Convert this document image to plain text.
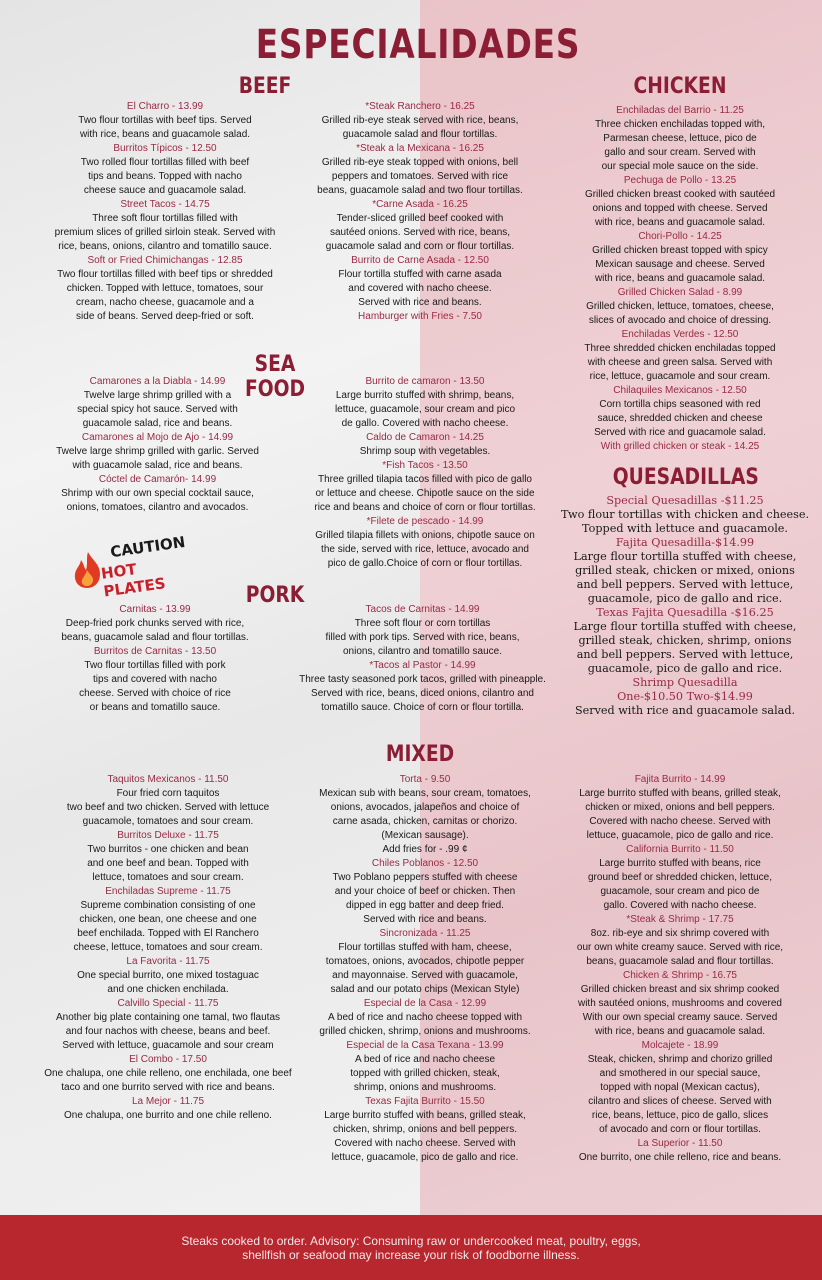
ESPECIALIDADES
BEEF	CHICKEN
SEA FOOD
QUESADILLAS
PORK
MIXED
El Charro - 13.99
Two flour tortillas with beef tips. Served
with rice, beans and guacamole salad.
Burritos Típicos - 12.50
Two rolled flour tortillas filled with beef
tips and beans. Topped with nacho
cheese sauce and guacamole salad.
Street Tacos - 14.75
Three soft flour tortillas filled with
premium slices of grilled sirloin steak. Served with
rice, beans, onions, cilantro and tomatillo sauce.
Soft or Fried Chimichangas - 12.85
Two flour tortillas filled with beef tips or shredded
chicken. Topped with lettuce, tomatoes, sour
cream, nacho cheese, guacamole and a
side of beans. Served deep-fried or soft.
*Steak Ranchero - 16.25
Grilled rib-eye steak served with rice, beans,
guacamole salad and flour tortillas.
*Steak a la Mexicana - 16.25
Grilled rib-eye steak topped with onions, bell
peppers and tomatoes. Served with rice
beans, guacamole salad and two flour tortillas.
*Carne Asada - 16.25
Tender-sliced grilled beef cooked with
sautéed onions. Served with rice, beans,
guacamole salad and corn or flour tortillas.
Burrito de Carne Asada - 12.50
Flour tortilla stuffed with carne asada
and covered with nacho cheese.
Served with rice and beans.
Hamburger with Fries - 7.50
Enchiladas del Barrio - 11.25
Three chicken enchiladas topped with,
Parmesan cheese, lettuce, pico de
gallo and sour cream. Served with
our special mole sauce on the side.
Pechuga de Pollo - 13.25
Grilled chicken breast cooked with sautéed
onions and topped with cheese. Served
with rice, beans and guacamole salad.
Chori-Pollo - 14.25
Grilled chicken breast topped with spicy
Mexican sausage and cheese. Served
with rice, beans and guacamole salad.
Grilled Chicken Salad - 8.99
Grilled chicken, lettuce, tomatoes, cheese,
slices of avocado and choice of dressing.
Enchiladas Verdes - 12.50
Three shredded chicken enchiladas topped
with cheese and green salsa. Served with
rice, lettuce, guacamole and sour cream.
Chilaquiles Mexicanos - 12.50
Corn tortilla chips seasoned with red
sauce, shredded chicken and cheese
Served with rice and guacamole salad.
With grilled chicken or steak - 14.25
Camarones a la Diabla - 14.99
Twelve large shrimp grilled with a
special spicy hot sauce. Served with
guacamole salad, rice and beans.
Camarones al Mojo de Ajo - 14.99
Twelve large shrimp grilled with garlic. Served
with guacamole salad, rice and beans.
Cóctel de Camarón- 14.99
Shrimp with our own special cocktail sauce,
onions, tomatoes, cilantro and avocados.
Burrito de camaron - 13.50
Large burrito stuffed with shrimp, beans,
lettuce, guacamole, sour cream and pico
de gallo. Covered with nacho cheese.
Caldo de Camaron - 14.25
Shrimp soup with vegetables.
*Fish Tacos - 13.50
Three grilled tilapia tacos filled with pico de gallo
or lettuce and cheese. Chipotle sauce on the side
rice and beans and choice of corn or flour tortillas.
*Filete de pescado - 14.99
Grilled tilapia fillets with onions, chipotle sauce on
the side, served with rice, lettuce, avocado and
pico de gallo.Choice of corn or flour tortillas.
Special Quesadillas -$11.25
Two flour tortillas with chicken and cheese.
Topped with lettuce and guacamole.
Fajita Quesadilla-$14.99
Large flour tortilla stuffed with cheese,
grilled steak, chicken or mixed, onions
and bell peppers. Served with lettuce,
guacamole, pico de gallo and rice.
Texas Fajita Quesadilla -$16.25
Large flour tortilla stuffed with cheese,
grilled steak, chicken, shrimp, onions
and bell peppers. Served with lettuce,
guacamole, pico de gallo and rice.
Shrimp Quesadilla
One-$10.50 Two-$14.99
Served with rice and guacamole salad.
Carnitas - 13.99
Deep-fried pork chunks served with rice,
beans, guacamole salad and flour tortillas.
Burritos de Carnitas - 13.50
Two flour tortillas filled with pork
tips and covered with nacho
cheese. Served with choice of rice
or beans and tomatillo sauce.
Tacos de Carnitas - 14.99
Three soft flour or corn tortillas
filled with pork tips. Served with rice, beans,
onions, cilantro and tomatillo sauce.
*Tacos al Pastor - 14.99
Three tasty seasoned pork tacos, grilled with pineapple.
Served with rice, beans, diced onions, cilantro and
tomatillo sauce. Choice of corn or flour tortilla.
Taquitos Mexicanos - 11.50
Four fried corn taquitos
two beef and two chicken. Served with lettuce
guacamole, tomatoes and sour cream.
Burritos Deluxe - 11.75
Two burritos - one chicken and bean
and one beef and bean. Topped with
lettuce, tomatoes and sour cream.
Enchiladas Supreme - 11.75
Supreme combination consisting of one
chicken, one bean, one cheese and one
beef enchilada. Topped with El Ranchero
cheese, lettuce, tomatoes and sour cream.
La Favorita - 11.75
One special burrito, one mixed tostaguac
and one chicken enchilada.
Calvillo Special - 11.75
Another big plate containing one tamal, two flautas
and four nachos with cheese, beans and beef.
Served with lettuce, guacamole and sour cream
El Combo - 17.50
One chalupa, one chile relleno, one enchilada, one beef
taco and one burrito served with rice and beans.
La Mejor - 11.75
One chalupa, one burrito and one chile relleno.
Torta - 9.50
Mexican sub with beans, sour cream, tomatoes,
onions, avocados, jalapeños and choice of
carne asada, chicken, carnitas or chorizo.
(Mexican sausage).
Add fries for - .99 ¢
Chiles Poblanos - 12.50
Two Poblano peppers stuffed with cheese
and your choice of beef or chicken. Then
dipped in egg batter and deep fried.
Served with rice and beans.
Sincronizada - 11.25
Flour tortillas stuffed with ham, cheese,
tomatoes, onions, avocados, chipotle pepper
and mayonnaise. Served with guacamole,
salad and our potato chips (Mexican Style)
Especial de la Casa - 12.99
A bed of rice and nacho cheese topped with
grilled chicken, shrimp, onions and mushrooms.
Especial de la Casa Texana - 13.99
A bed of rice and nacho cheese
topped with grilled chicken, steak,
shrimp, onions and mushrooms.
Texas Fajita Burrito - 15.50
Large burrito stuffed with beans, grilled steak,
chicken, shrimp, onions and bell peppers.
Covered with nacho cheese. Served with
lettuce, guacamole, pico de gallo and rice.
Fajita Burrito - 14.99
Large burrito stuffed with beans, grilled steak,
chicken or mixed, onions and bell peppers.
Covered with nacho cheese. Served with
lettuce, guacamole, pico de gallo and rice.
California Burrito - 11.50
Large burrito stuffed with beans, rice
ground beef or shredded chicken, lettuce,
guacamole, sour cream and pico de
gallo. Covered with nacho cheese.
*Steak & Shrimp - 17.75
8oz. rib-eye and six shrimp covered with
our own white creamy sauce. Served with rice,
beans, guacamole salad and flour tortillas.
Chicken & Shrimp - 16.75
Grilled chicken breast and six shrimp cooked
with sautéed onions, mushrooms and covered
With our own special creamy sauce. Served
with rice, beans and guacamole salad.
Molcajete - 18.99
Steak, chicken, shrimp and chorizo grilled
and smothered in our special sauce,
topped with nopal (Mexican cactus),
cilantro and slices of cheese. Served with
rice, beans, lettuce, pico de gallo, slices
of avocado and corn or flour tortillas.
La Superior - 11.50
One burrito, one chile relleno, rice and beans.
CAUTION
HOT PLATES
Steaks cooked to order. Advisory: Consuming raw or undercooked meat, poultry, eggs,
shellfish or seafood may increase your risk of foodborne illness.
